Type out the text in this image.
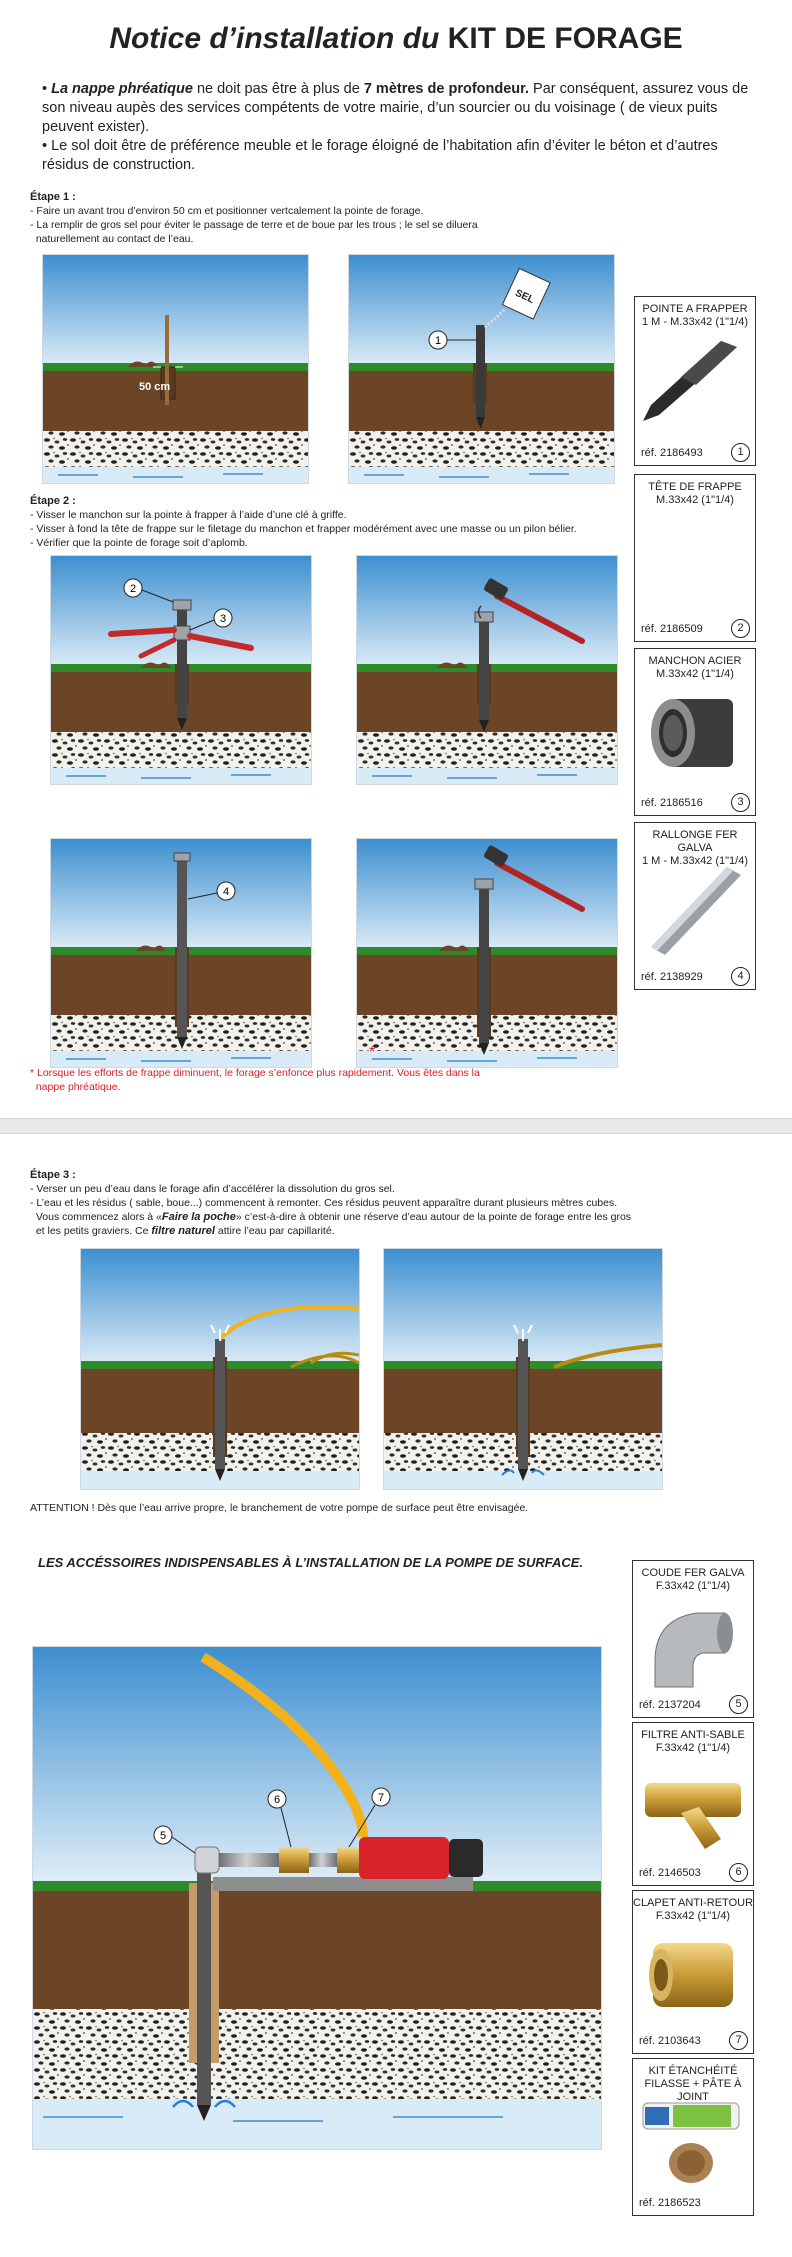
Notice d’installation du KIT DE FORAGE

• La nappe phréatique ne doit pas être à plus de 7 mètres de profondeur. Par conséquent, assurez vous de son niveau aupès des services compétents de votre mairie, d’un sourcier ou du voisinage ( de vieux puits peuvent exister).

• Le sol doit être de préférence meuble et le forage éloigné de l’habitation afin d’éviter le béton et d’autres résidus de construction.

Étape 1 :

- Faire un avant trou d’environ 50 cm et positionner vertcalement la pointe de forage.

- La remplir de gros sel pour éviter le passage de terre et de boue par les trous ; le sel se diluera

naturellement au contact de l’eau.

50 cm
SEL
1

Étape 2 :

- Visser le manchon sur la pointe à frapper à l’aide d’une clé à griffe.

- Visser à fond la tête de frappe sur le filetage du manchon et frapper modérément avec une masse ou un pilon bélier.

- Vérifier que la pointe de forage soit d’aplomb.

2
3
4
*
* Lorsque les efforts de frappe diminuent, le forage s’enfonce plus rapidement. Vous êtes dans la
nappe phréatique.
POINTE A FRAPPER
1 M - M.33x42 (1"1/4)
réf. 2186493	1
TÊTE DE FRAPPE
M.33x42 (1"1/4)
réf. 2186509	2
MANCHON ACIER
M.33x42 (1"1/4)
réf. 2186516	3
RALLONGE FER GALVA
1 M - M.33x42 (1"1/4)
réf. 2138929	4

Étape 3 :

- Verser un peu d’eau dans le forage afin d’accélérer la dissolution du gros sel.

- L’eau et les résidus ( sable, boue...) commencent à remonter. Ces résidus peuvent apparaître durant plusieurs mètres cubes.

Vous commencez alors à «Faire la poche» c’est-à-dire à obtenir une réserve d’eau autour de la pointe de forage entre les gros

et les petits graviers. Ce filtre naturel attire l’eau par capillarité.

ATTENTION ! Dès que l’eau arrive propre, le branchement de votre pompe de surface peut être envisagée.
LES ACCÉSSOIRES INDISPENSABLES À L’INSTALLATION DE LA POMPE DE SURFACE.
5
6	7
COUDE FER GALVA
F.33x42 (1"1/4)
réf. 2137204	5
FILTRE ANTI-SABLE
F.33x42 (1"1/4)
réf. 2146503	6
CLAPET ANTI-RETOUR
F.33x42 (1"1/4)
réf. 2103643	7
KIT ÉTANCHÉITÉ
FILASSE + PÂTE À JOINT
réf. 2186523
